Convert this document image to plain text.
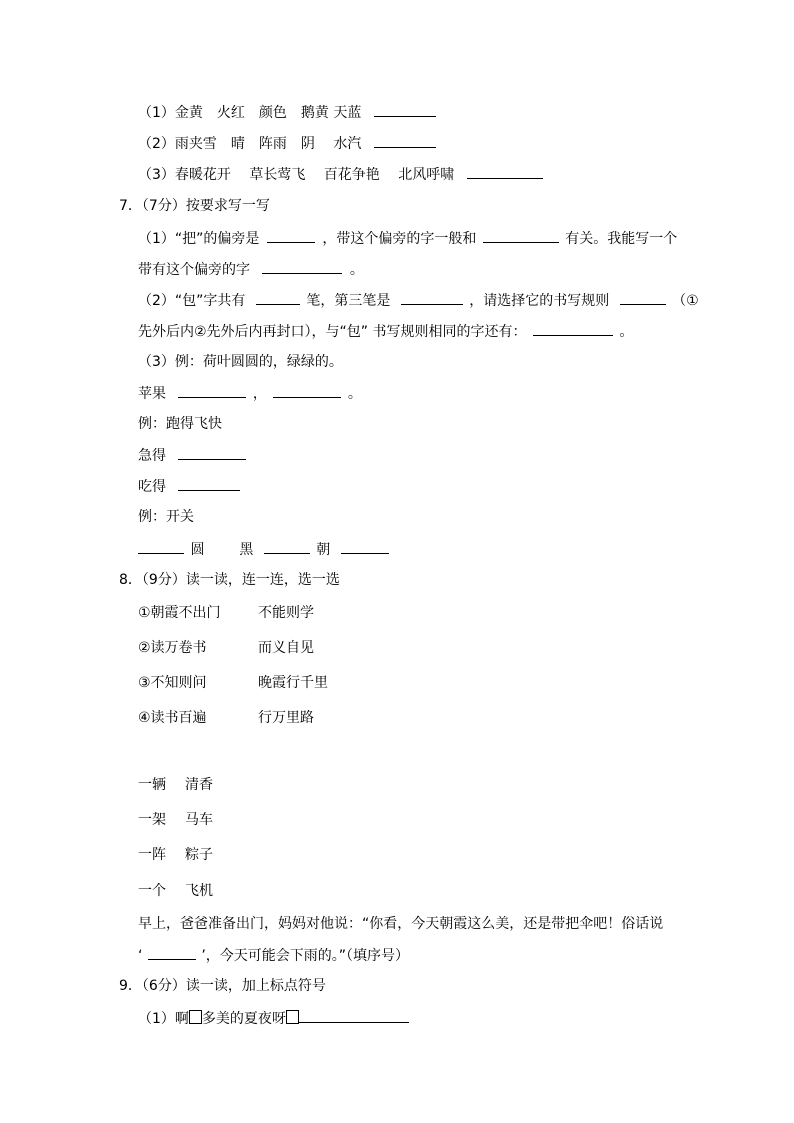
（1）金黄　火红　颜色　鹅黄 天蓝
（2）雨夹雪　晴　阵雨　阴　 水汽
（3）春暖花开　 草长莺飞　 百花争艳　 北风呼啸
7．（7分）按要求写一写
（1）“把”的偏旁是	，带这个偏旁的字一般和	有关。我能写一个
带有这个偏旁的字	。
（2）“包”字共有	笔，第三笔是	，请选择它的书写规则	（①
先外后内②先外后内再封口），与“包” 书写规则相同的字还有：	。
（3）例：荷叶圆圆的，绿绿的。
苹果	，	。
例：跑得飞快
急得
吃得
例：开关
圆 黑	朝
8．（9分）读一读，连一连，选一选
①朝霞不出门	不能则学
②读万卷书	而义自见
③不知则问	晚霞行千里
④读书百遍	行万里路
一辆 清香
一架 马车
一阵 粽子
一个 飞机
早上，爸爸准备出门，妈妈对他说：“你看，今天朝霞这么美，还是带把伞吧！俗话说
‘	’，今天可能会下雨的。”（填序号）
9．（6分）读一读，加上标点符号
（1）啊 多美的夏夜呀
